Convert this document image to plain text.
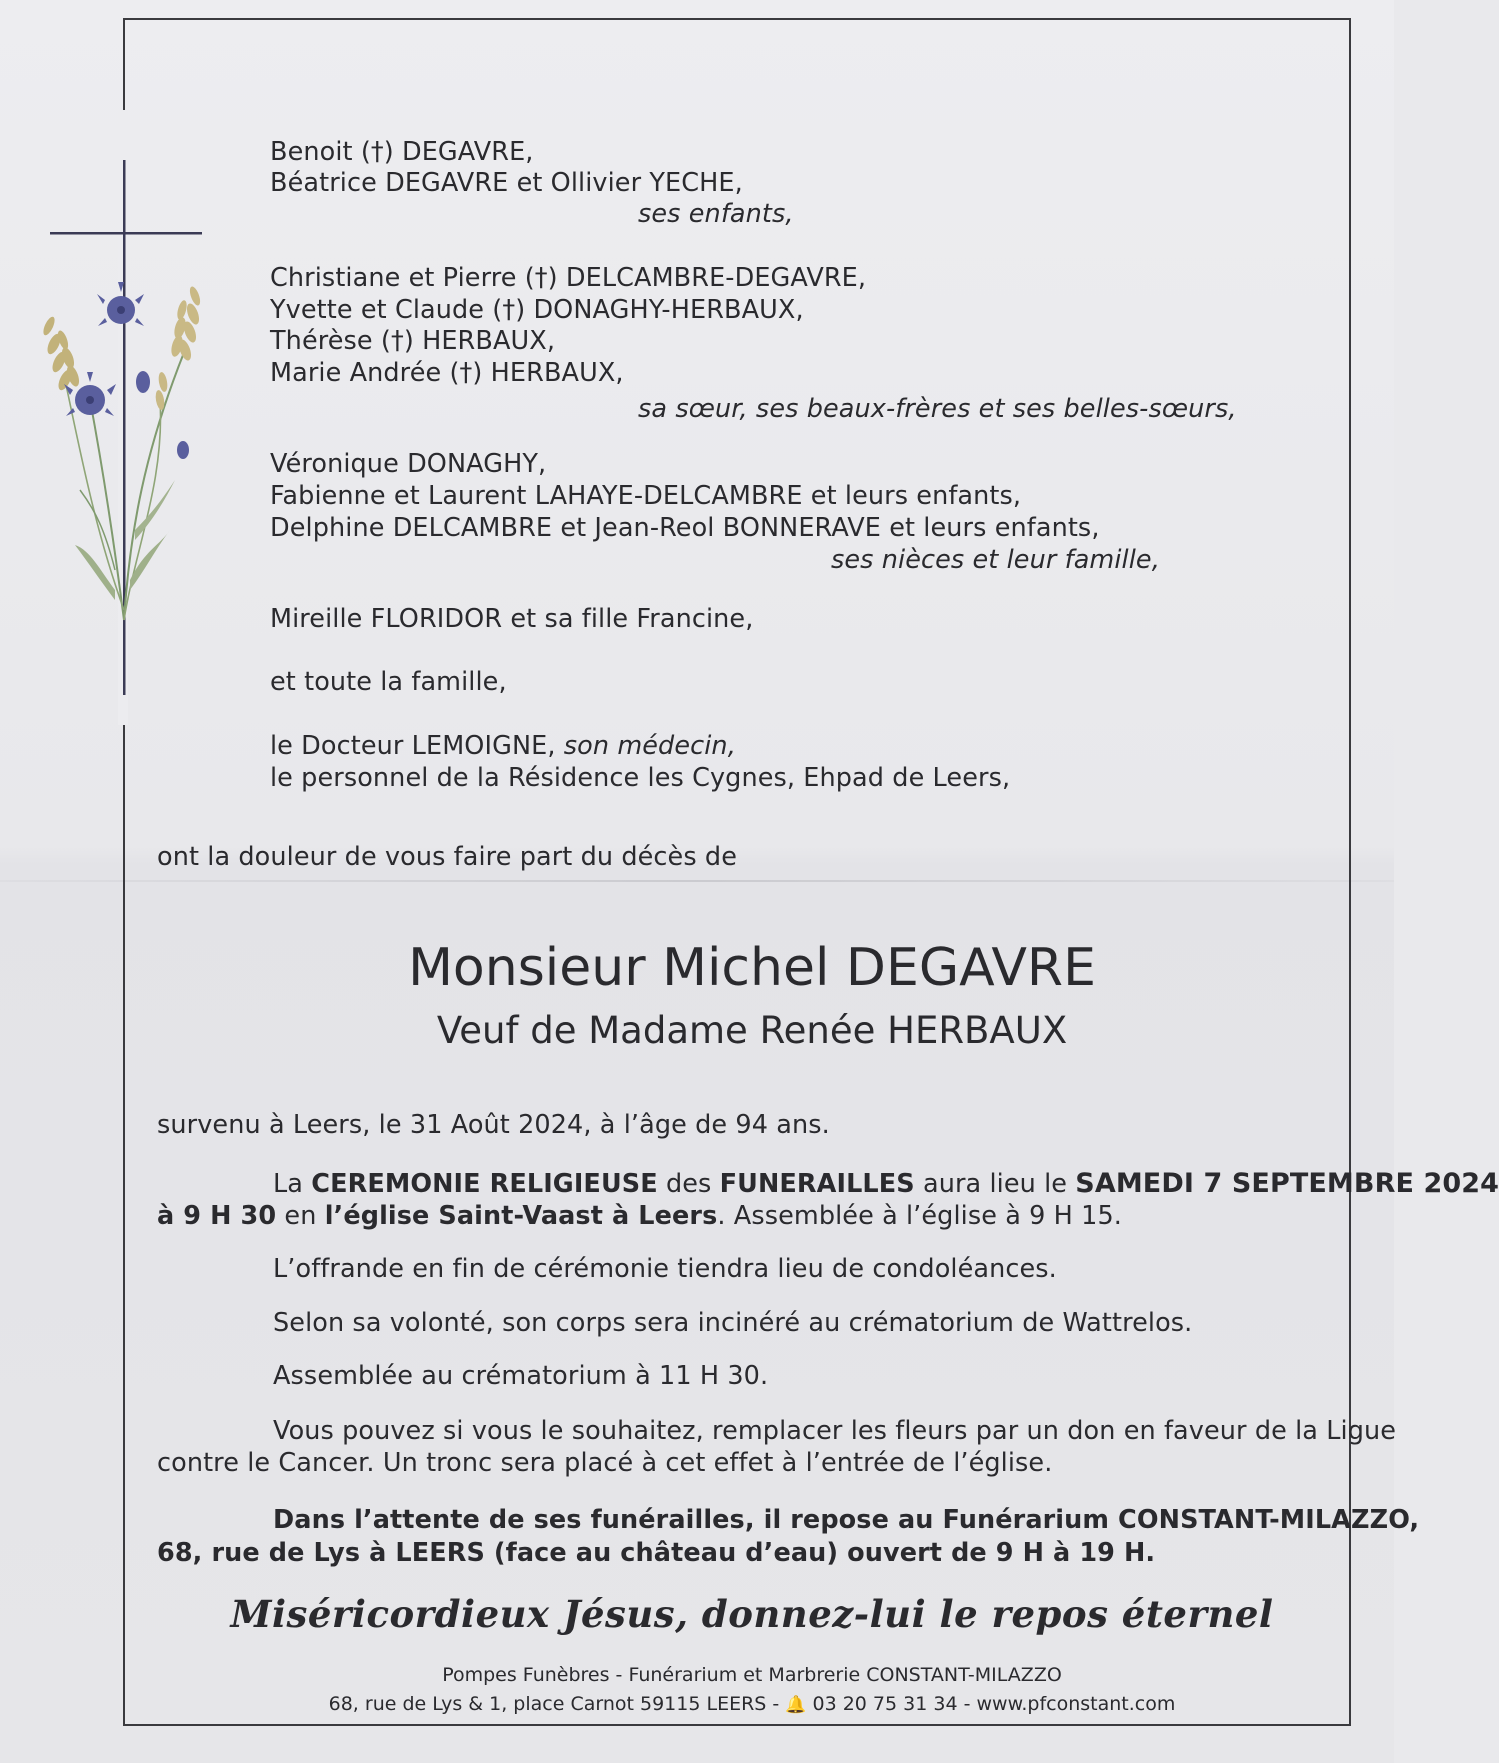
Benoit (†) DEGAVRE,
Béatrice DEGAVRE et Ollivier YECHE,
ses enfants,
Christiane et Pierre (†) DELCAMBRE-DEGAVRE,
Yvette et Claude (†) DONAGHY-HERBAUX,
Thérèse (†) HERBAUX,
Marie Andrée (†) HERBAUX,
sa sœur, ses beaux-frères et ses belles-sœurs,
Véronique DONAGHY,
Fabienne et Laurent LAHAYE-DELCAMBRE et leurs enfants,
Delphine DELCAMBRE et Jean-Reol BONNERAVE et leurs enfants,
ses nièces et leur famille,
Mireille FLORIDOR et sa fille Francine,
et toute la famille,
le Docteur LEMOIGNE, son médecin,
le personnel de la Résidence les Cygnes, Ehpad de Leers,
ont la douleur de vous faire part du décès de
Monsieur Michel DEGAVRE
Veuf de Madame Renée HERBAUX
survenu à Leers, le 31 Août 2024, à l’âge de 94 ans.
La CEREMONIE RELIGIEUSE des FUNERAILLES aura lieu le SAMEDI 7 SEPTEMBRE 2024
à 9 H 30 en l’église Saint-Vaast à Leers. Assemblée à l’église à 9 H 15.
L’offrande en fin de cérémonie tiendra lieu de condoléances.
Selon sa volonté, son corps sera incinéré au crématorium de Wattrelos.
Assemblée au crématorium à 11 H 30.
Vous pouvez si vous le souhaitez, remplacer les fleurs par un don en faveur de la Ligue
contre le Cancer. Un tronc sera placé à cet effet à l’entrée de l’église.
Dans l’attente de ses funérailles, il repose au Funérarium CONSTANT-MILAZZO,
68, rue de Lys à LEERS (face au château d’eau) ouvert de 9 H à 19 H.
Miséricordieux Jésus, donnez-lui le repos éternel
Pompes Funèbres - Funérarium et Marbrerie CONSTANT-MILAZZO
68, rue de Lys & 1, place Carnot 59115 LEERS - 🔔 03 20 75 31 34 - www.pfconstant.com
